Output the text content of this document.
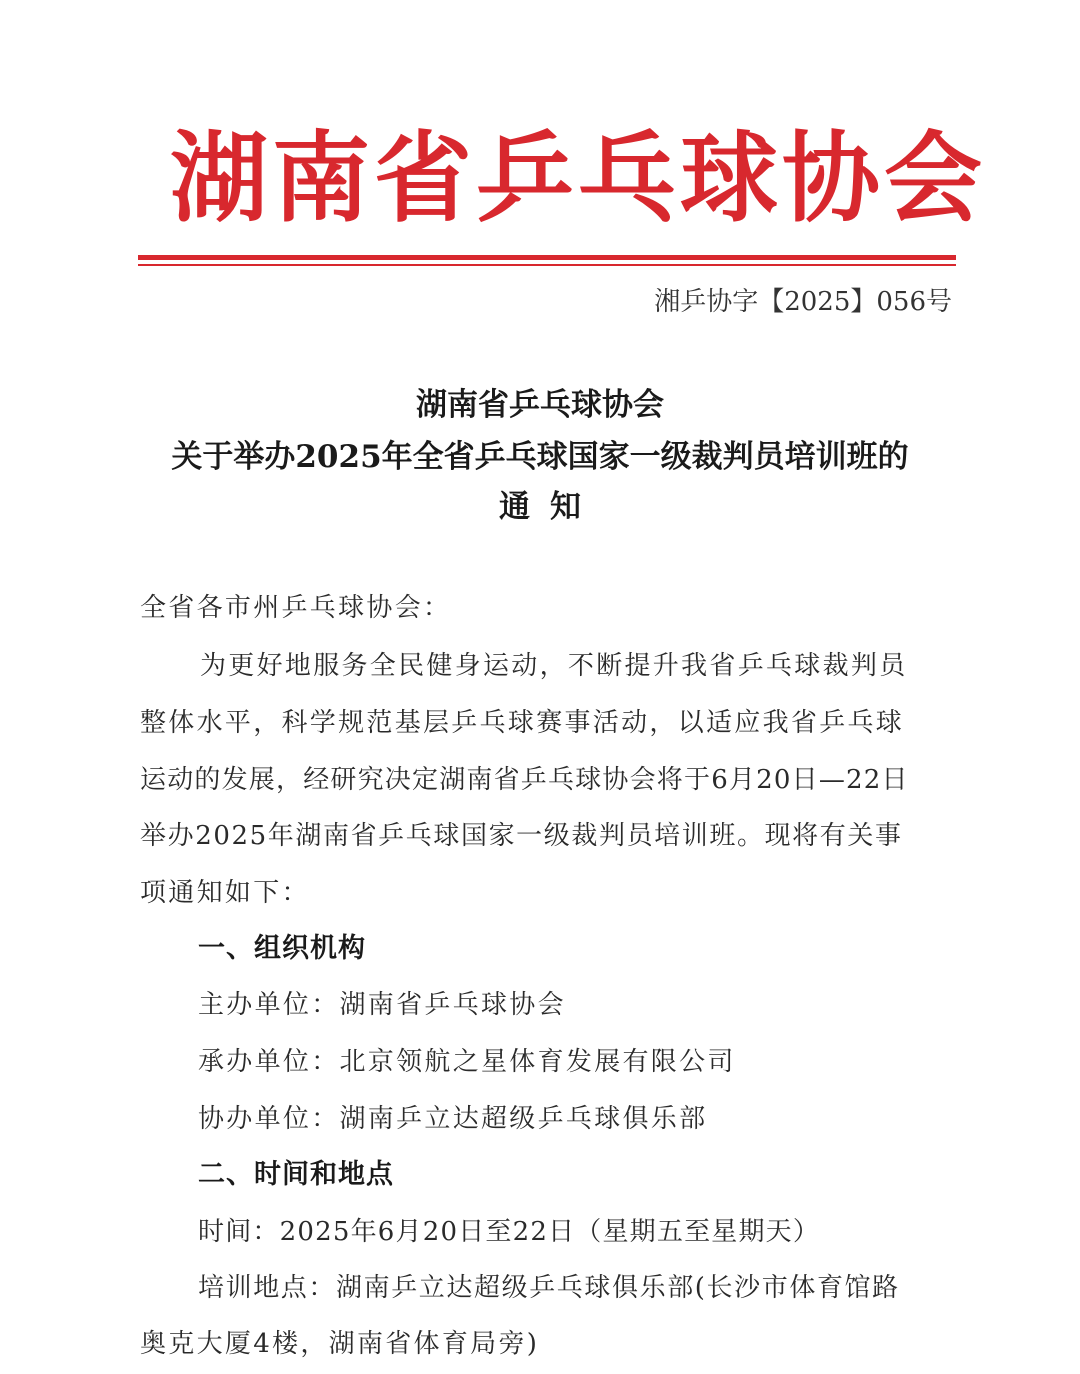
湖南省乒乓球协会
湘乒协字【2025】056号
湖南省乒乓球协会
关于举办2025年全省乒乓球国家一级裁判员培训班的
通知
全省各市州乒乓球协会：
为更好地服务全民健身运动，不断提升我省乒乓球裁判员
整体水平，科学规范基层乒乓球赛事活动，以适应我省乒乓球
运动的发展，经研究决定湖南省乒乓球协会将于6月20日—22日
举办2025年湖南省乒乓球国家一级裁判员培训班。现将有关事
项通知如下：
一、组织机构
主办单位：湖南省乒乓球协会
承办单位：北京领航之星体育发展有限公司
协办单位：湖南乒立达超级乒乓球俱乐部
二、时间和地点
时间：2025年6月20日至22日（星期五至星期天）
培训地点：湖南乒立达超级乒乓球俱乐部(长沙市体育馆路
奥克大厦4楼，湖南省体育局旁)
